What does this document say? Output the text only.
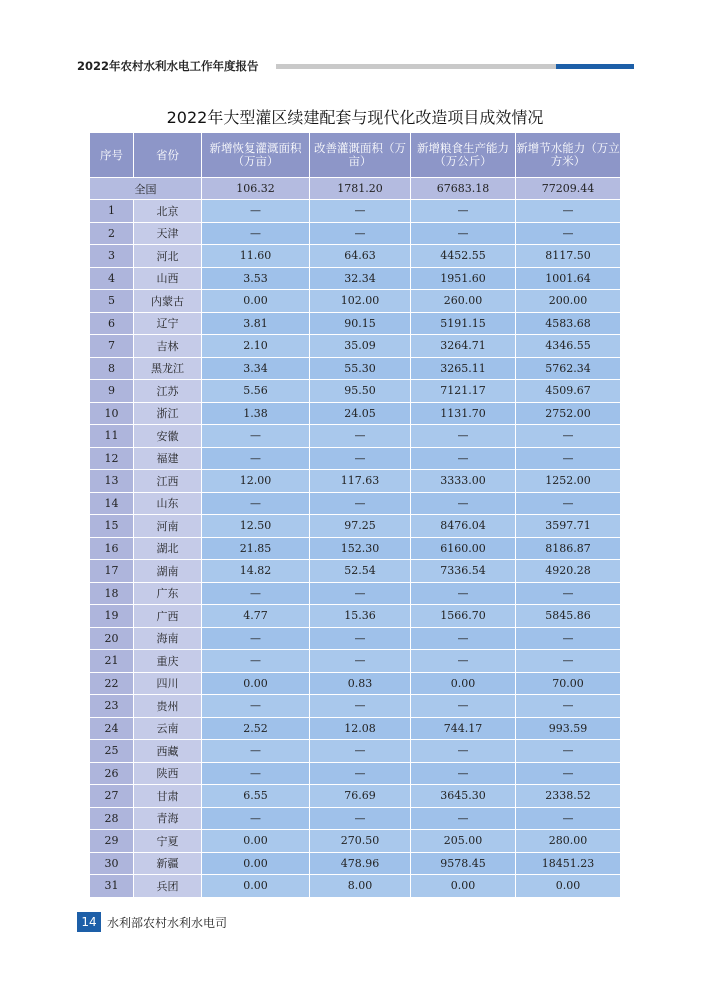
2022年农村水利水电工作年度报告
2022年大型灌区续建配套与现代化改造项目成效情况
序号	省份	新增恢复灌溉面积（万亩）	改善灌溉面积（万亩）	新增粮食生产能力（万公斤）	新增节水能力（万立方米）
全国		106.32	1781.20	67683.18	77209.44
1	北京	—	—	—	—
2	天津	—	—	—	—
3	河北	11.60	64.63	4452.55	8117.50
4	山西	3.53	32.34	1951.60	1001.64
5	内蒙古	0.00	102.00	260.00	200.00
6	辽宁	3.81	90.15	5191.15	4583.68
7	吉林	2.10	35.09	3264.71	4346.55
8	黑龙江	3.34	55.30	3265.11	5762.34
9	江苏	5.56	95.50	7121.17	4509.67
10	浙江	1.38	24.05	1131.70	2752.00
11	安徽	—	—	—	—
12	福建	—	—	—	—
13	江西	12.00	117.63	3333.00	1252.00
14	山东	—	—	—	—
15	河南	12.50	97.25	8476.04	3597.71
16	湖北	21.85	152.30	6160.00	8186.87
17	湖南	14.82	52.54	7336.54	4920.28
18	广东	—	—	—	—
19	广西	4.77	15.36	1566.70	5845.86
20	海南	—	—	—	—
21	重庆	—	—	—	—
22	四川	0.00	0.83	0.00	70.00
23	贵州	—	—	—	—
24	云南	2.52	12.08	744.17	993.59
25	西藏	—	—	—	—
26	陕西	—	—	—	—
27	甘肃	6.55	76.69	3645.30	2338.52
28	青海	—	—	—	—
29	宁夏	0.00	270.50	205.00	280.00
30	新疆	0.00	478.96	9578.45	18451.23
31	兵团	0.00	8.00	0.00	0.00
14 水利部农村水利水电司
